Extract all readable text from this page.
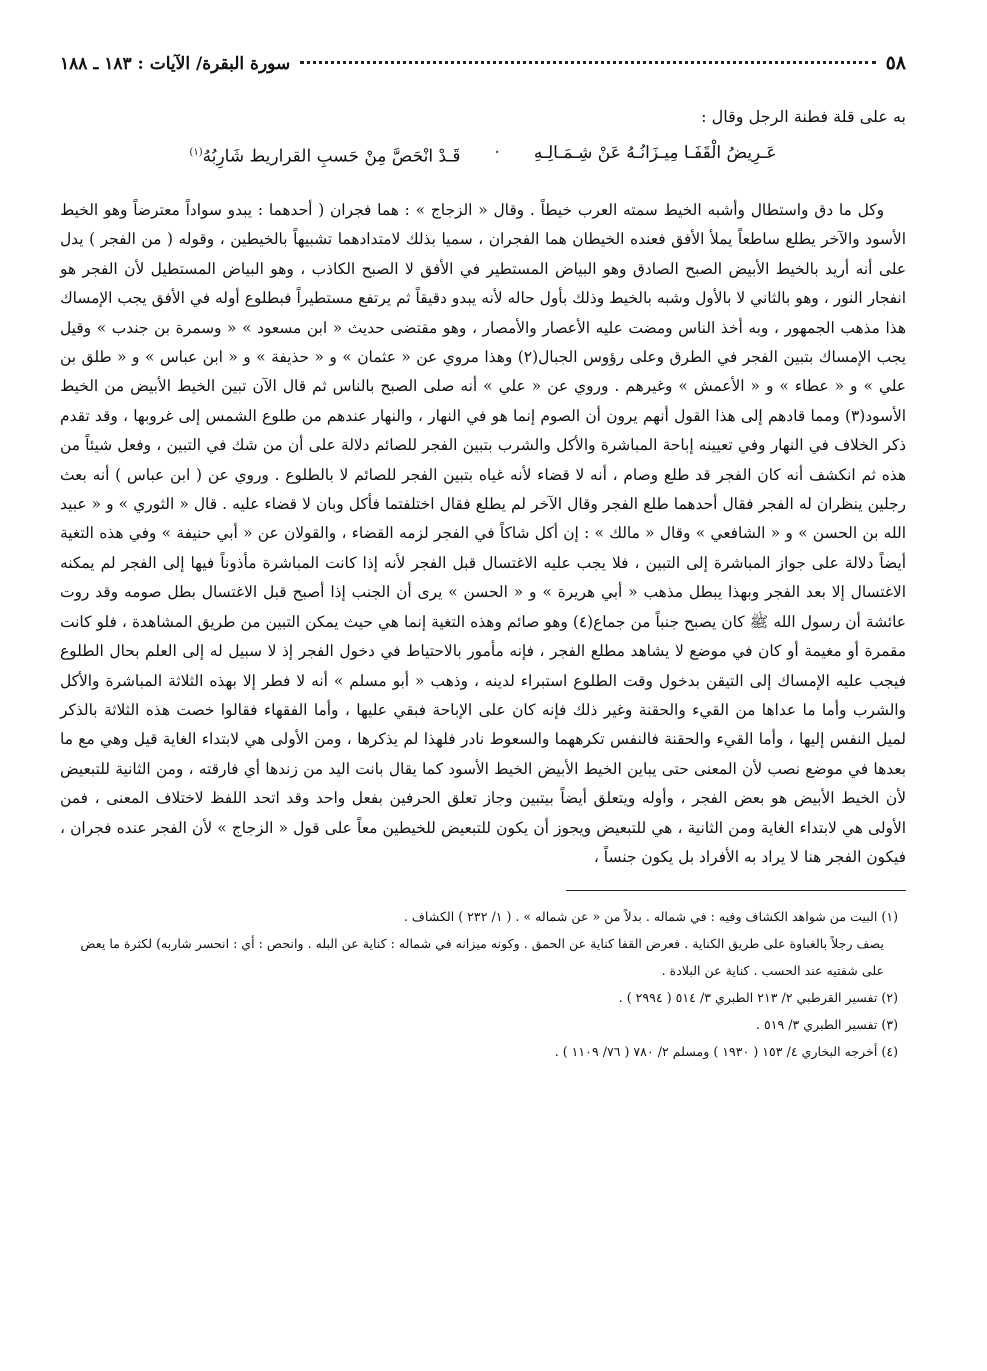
٥٨
سورة البقرة/ الآيات : ١٨٣ ـ ١٨٨
به على قلة فطنة الرجل وقال :
عَـرِيضُ الْقَفَـا مِيـزَانُـهُ عَنْ شِـمَـالِـهِ
·
قَـدْ انْحَصَّ مِنْ حَسبِ القراريط شَارِبُهُ$^{(١)}$

وكل ما دق واستطال وأشبه الخيط سمته العرب خيطاً . وقال « الزجاج » : هما فجران ( أحدهما : يبدو سواداً معترضاً وهو الخيط الأسود والآخر يطلع ساطعاً يملأ الأفق فعنده الخيطان هما الفجران ، سميا بذلك لامتدادهما تشبيهاً بالخيطين ، وقوله ( من الفجر ) يدل على أنه أريد بالخيط الأبيض الصبح الصادق وهو البياض المستطير في الأفق لا الصبح الكاذب ، وهو البياض المستطيل لأن الفجر هو انفجار النور ، وهو بالثاني لا بالأول وشبه بالخيط وذلك بأول حاله لأنه يبدو دقيقاً ثم يرتفع مستطيراً فبطلوع أوله في الأفق يجب الإمساك هذا مذهب الجمهور ، وبه أخذ الناس ومضت عليه الأعصار والأمصار ، وهو مقتضى حديث « ابن مسعود » « وسمرة بن جندب » وقيل يجب الإمساك بتبين الفجر في الطرق وعلى رؤوس الجبال(٢) وهذا مروي عن « عثمان » و « حذيفة » و « ابن عباس » و « طلق بن علي » و « عطاء » و « الأعمش » وغيرهم . وروي عن « علي » أنه صلى الصبح بالناس ثم قال الآن تبين الخيط الأبيض من الخيط الأسود(٣) ومما قادهم إلى هذا القول أنهم يرون أن الصوم إنما هو في النهار ، والنهار عندهم من طلوع الشمس إلى غروبها ، وقد تقدم ذكر الخلاف في النهار وفي تعيينه إباحة المباشرة والأكل والشرب بتبين الفجر للصائم دلالة على أن من شك في التبين ، وفعل شيئاً من هذه ثم انكشف أنه كان الفجر قد طلع وصام ، أنه لا قضاء لأنه غياه بتبين الفجر للصائم لا بالطلوع . وروي عن ( ابن عباس ) أنه بعث رجلين ينظران له الفجر فقال أحدهما طلع الفجر وقال الآخر لم يطلع فقال اختلفتما فأكل وبان لا قضاء عليه . قال « الثوري » و « عبيد الله بن الحسن » و « الشافعي » وقال « مالك » : إن أكل شاكاً في الفجر لزمه القضاء ، والقولان عن « أبي حنيفة » وفي هذه التغية أيضاً دلالة على جواز المباشرة إلى التبين ، فلا يجب عليه الاغتسال قبل الفجر لأنه إذا كانت المباشرة مأذوناً فيها إلى الفجر لم يمكنه الاغتسال إلا بعد الفجر وبهذا يبطل مذهب « أبي هريرة » و « الحسن » يرى أن الجنب إذا أصبح قبل الاغتسال بطل صومه وقد روت عائشة أن رسول الله ﷺ كان يصبح جنباً من جماع(٤) وهو صائم وهذه التغية إنما هي حيث يمكن التبين من طريق المشاهدة ، فلو كانت مقمرة أو مغيمة أو كان في موضع لا يشاهد مطلع الفجر ، فإنه مأمور بالاحتياط في دخول الفجر إذ لا سبيل له إلى العلم بحال الطلوع فيجب عليه الإمساك إلى التيقن بدخول وقت الطلوع استبراء لدينه ، وذهب « أبو مسلم » أنه لا فطر إلا بهذه الثلاثة المباشرة والأكل والشرب وأما ما عداها من القيء والحقنة وغير ذلك فإنه كان على الإباحة فبقي عليها ، وأما الفقهاء فقالوا خصت هذه الثلاثة بالذكر لميل النفس إليها ، وأما القيء والحقنة فالنفس تكرههما والسعوط نادر فلهذا لم يذكرها ، ومن الأولى هي لابتداء الغاية قيل وهي مع ما بعدها في موضع نصب لأن المعنى حتى يباين الخيط الأبيض الخيط الأسود كما يقال بانت اليد من زندها أي فارقته ، ومن الثانية للتبعيض لأن الخيط الأبيض هو بعض الفجر ، وأوله ويتعلق أيضاً بيتبين وجاز تعلق الحرفين بفعل واحد وقد اتحد اللفظ لاختلاف المعنى ، فمن الأولى هي لابتداء الغاية ومن الثانية ، هي للتبعيض ويجوز أن يكون للتبعيض للخيطين معاً على قول « الزجاج » لأن الفجر عنده فجران ، فيكون الفجر هنا لا يراد به الأفراد بل يكون جنساً ،

(١) البيت من شواهد الكشاف وفيه : في شماله . بدلاً من « عن شماله » . ( ١/ ٢٣٢ ) الكشاف .

يصف رجلاً بالغباوة على طريق الكناية . فعرض القفا كناية عن الحمق . وكونه ميزانه في شماله : كناية عن البله . وانحص : أي : انحسر شاربه) لكثرة ما يعض على شفتيه عند الحسب . كناية عن البلادة .

(٢) تفسير القرطبي ٢/ ٢١٣ الطبري ٣/ ٥١٤ ( ٢٩٩٤ ) .

(٣) تفسير الطبري ٣/ ٥١٩ .

(٤) أخرجه البخاري ٤/ ١٥٣ ( ١٩٣٠ ) ومسلم ٢/ ٧٨٠ ( ٧٦/ ١١٠٩ ) .
